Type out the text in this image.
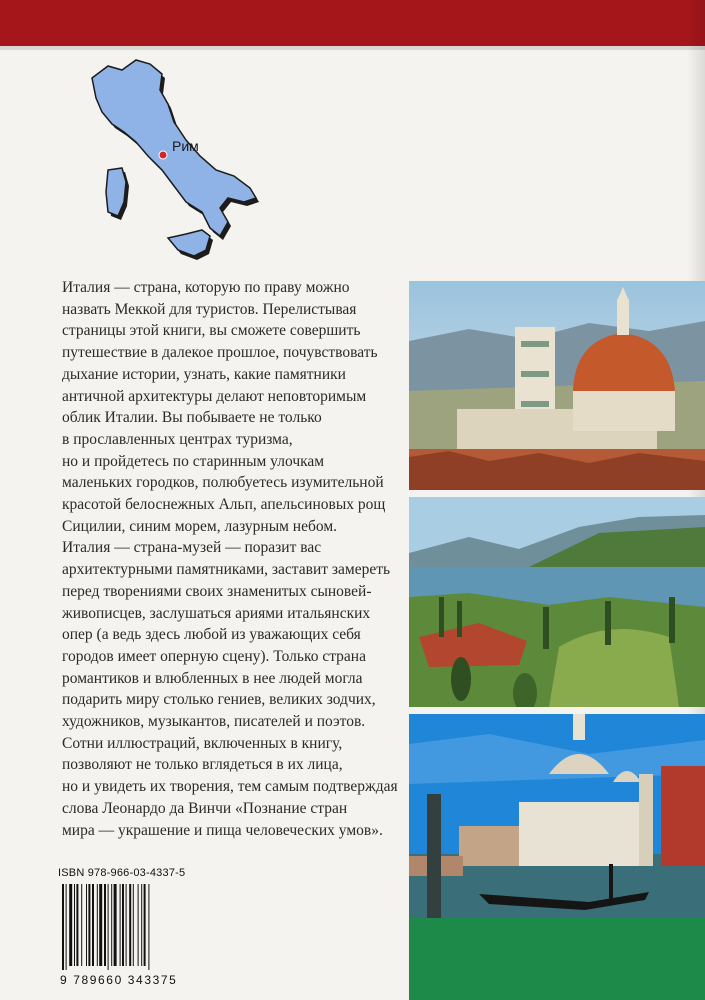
Рим

Италия — страна, которую по праву можно
назвать Меккой для туристов. Перелистывая
страницы этой книги, вы сможете совершить
путешествие в далекое прошлое, почувствовать
дыхание истории, узнать, какие памятники
античной архитектуры делают неповторимым
облик Италии. Вы побываете не только
в прославленных центрах туризма,
но и пройдетесь по старинным улочкам
маленьких городков, полюбуетесь изумительной
красотой белоснежных Альп, апельсиновых рощ
Сицилии, синим морем, лазурным небом.
Италия — страна-музей — поразит вас
архитектурными памятниками, заставит замереть
перед творениями своих знаменитых сыновей-
живописцев, заслушаться ариями итальянских
опер (а ведь здесь любой из уважающих себя
городов имеет оперную сцену). Только страна
романтиков и влюбленных в нее людей могла
подарить миру столько гениев, великих зодчих,
художников, музыкантов, писателей и поэтов.
Сотни иллюстраций, включенных в книгу,
позволяют не только вглядеться в их лица,
но и увидеть их творения, тем самым подтверждая
слова Леонардо да Винчи «Познание стран
мира — украшение и пища человеческих умов».

ISBN 978-966-03-4337-5
9 789660 343375
